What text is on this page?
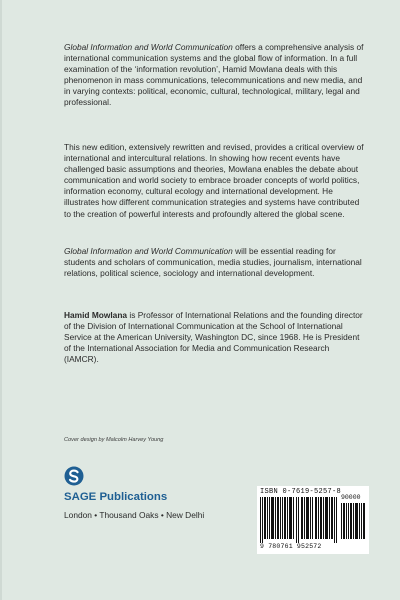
Global Information and World Communication offers a comprehensive analysis of international communication systems and the global flow of information. In a full examination of the ‘information revolution’, Hamid Mowlana deals with this phenomenon in mass communications, telecommunications and new media, and in varying contexts: political, economic, cultural, technological, military, legal and professional.

This new edition, extensively rewritten and revised, provides a critical overview of international and intercultural relations. In showing how recent events have challenged basic assumptions and theories, Mowlana enables the debate about communication and world society to embrace broader concepts of world politics, information economy, cultural ecology and international development. He illustrates how different communication strategies and systems have contributed to the creation of powerful interests and profoundly altered the global scene.

Global Information and World Communication will be essential reading for students and scholars of communication, media studies, journalism, international relations, political science, sociology and international development.

Hamid Mowlana is Professor of International Relations and the founding director of the Division of International Communication at the School of International Service at the American University, Washington DC, since 1968. He is President of the International Association for Media and Communication Research (IAMCR).

Cover design by Malcolm Harvey Young
SAGE Publications
London • Thousand Oaks • New Delhi
ISBN 0-7619-5257-8
90000
9 780761 952572
